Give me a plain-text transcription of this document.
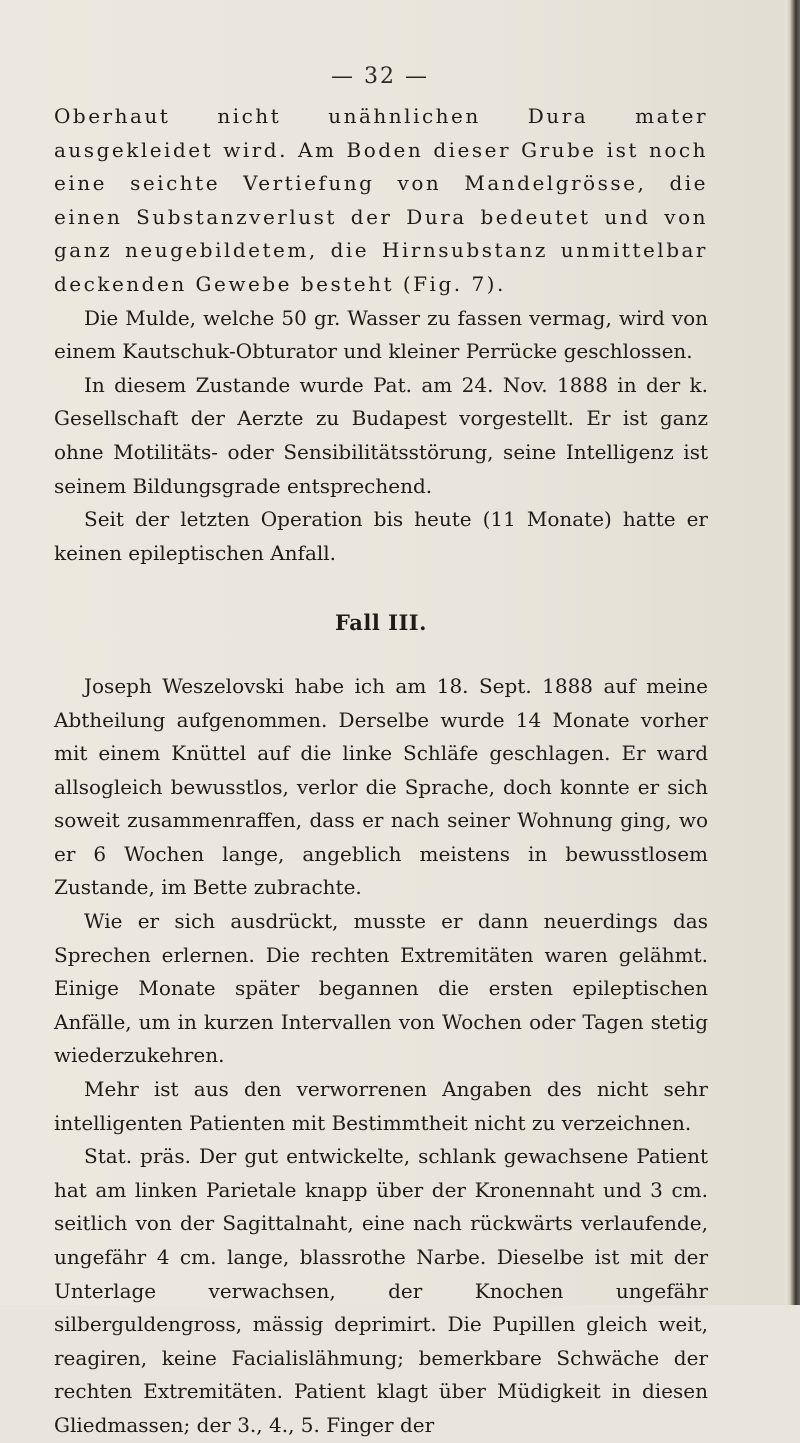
— 32 —

Oberhaut nicht unähnlichen Dura mater ausgekleidet wird. Am Boden dieser Grube ist noch eine seichte Vertiefung von Mandelgrösse, die einen Substanzverlust der Dura bedeutet und von ganz neugebildetem, die Hirnsubstanz unmittelbar deckenden Gewebe besteht (Fig. 7).

Die Mulde, welche 50 gr. Wasser zu fassen vermag, wird von einem Kautschuk-Obturator und kleiner Perrücke geschlossen.

In diesem Zustande wurde Pat. am 24. Nov. 1888 in der k. Gesellschaft der Aerzte zu Budapest vorgestellt. Er ist ganz ohne Motilitäts- oder Sensibilitätsstörung, seine Intelligenz ist seinem Bildungsgrade entsprechend.

Seit der letzten Operation bis heute (11 Monate) hatte er keinen epileptischen Anfall.

Fall III.

Joseph Weszelovski habe ich am 18. Sept. 1888 auf meine Abtheilung aufgenommen. Derselbe wurde 14 Monate vorher mit einem Knüttel auf die linke Schläfe geschlagen. Er ward allsogleich bewusstlos, verlor die Sprache, doch konnte er sich soweit zusammenraffen, dass er nach seiner Wohnung ging, wo er 6 Wochen lange, angeblich meistens in bewusstlosem Zustande, im Bette zubrachte.

Wie er sich ausdrückt, musste er dann neuerdings das Sprechen erlernen. Die rechten Extremitäten waren gelähmt. Einige Monate später begannen die ersten epileptischen Anfälle, um in kurzen Intervallen von Wochen oder Tagen stetig wiederzukehren.

Mehr ist aus den verworrenen Angaben des nicht sehr intelligenten Patienten mit Bestimmtheit nicht zu verzeichnen.

Stat. präs. Der gut entwickelte, schlank gewachsene Patient hat am linken Parietale knapp über der Kronennaht und 3 cm. seitlich von der Sagittalnaht, eine nach rückwärts verlaufende, ungefähr 4 cm. lange, blassrothe Narbe. Dieselbe ist mit der Unterlage verwachsen, der Knochen ungefähr silberguldengross, mässig deprimirt. Die Pupillen gleich weit, reagiren, keine Facialislähmung; bemerkbare Schwäche der rechten Extremitäten. Patient klagt über Müdigkeit in diesen Gliedmassen; der 3., 4., 5. Finger der
